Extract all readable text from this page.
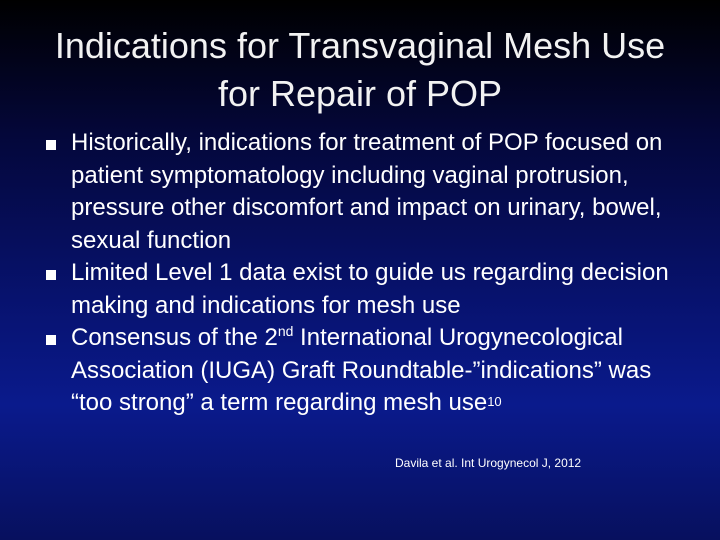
Indications for Transvaginal Mesh Use for Repair of POP
Historically, indications for treatment of POP focused on patient symptomatology including vaginal protrusion, pressure other discomfort and impact on urinary, bowel, sexual function
Limited Level 1 data exist to guide us regarding decision making and indications for mesh use
Consensus of the 2nd International Urogynecological Association (IUGA) Graft Roundtable-”indications” was “too strong” a term regarding mesh use$^{10}$
Davila et al. Int Urogynecol J, 2012
